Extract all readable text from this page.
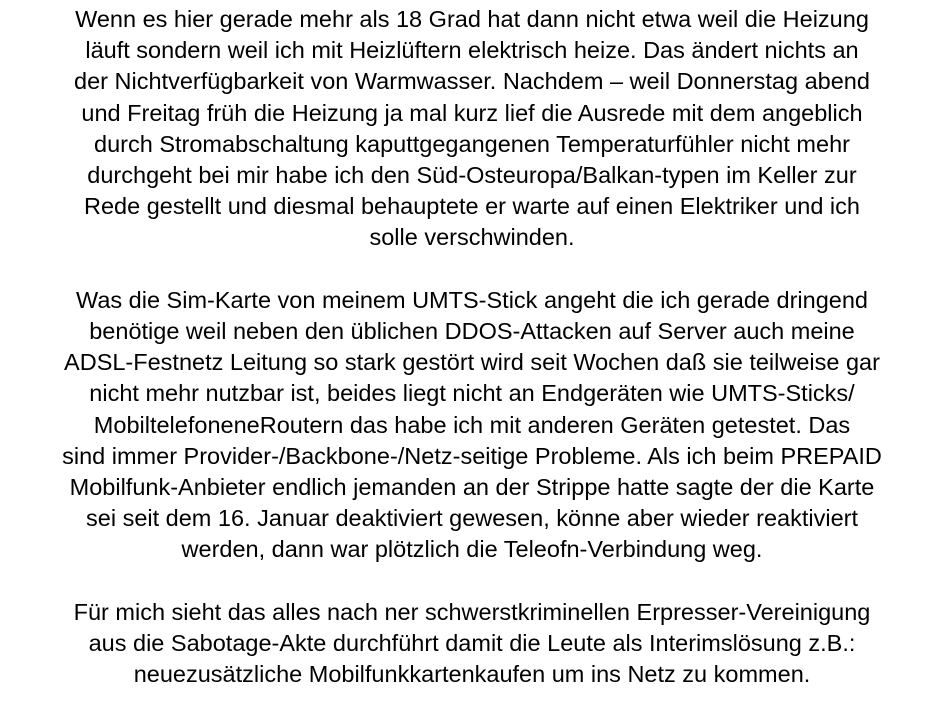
Wenn es hier gerade mehr als 18 Grad hat dann nicht etwa weil die Heizung
läuft sondern weil ich mit Heizlüftern elektrisch heize. Das ändert nichts an
der Nichtverfügbarkeit von Warmwasser. Nachdem – weil Donnerstag abend
und Freitag früh die Heizung ja mal kurz lief die Ausrede mit dem angeblich
durch Stromabschaltung kaputtgegangenen Temperaturfühler nicht mehr
durchgeht bei mir habe ich den Süd-Osteuropa/Balkan-typen im Keller zur
Rede gestellt und diesmal behauptete er warte auf einen Elektriker und ich
solle verschwinden.

Was die Sim-Karte von meinem UMTS-Stick angeht die ich gerade dringend
benötige weil neben den üblichen DDOS-Attacken auf Server auch meine
ADSL-Festnetz Leitung so stark gestört wird seit Wochen daß sie teilweise gar
nicht mehr nutzbar ist, beides liegt nicht an Endgeräten wie UMTS-Sticks/
MobiltelefoneneRoutern das habe ich mit anderen Geräten getestet. Das
sind immer Provider-/Backbone-/Netz-seitige Probleme. Als ich beim PREPAID
Mobilfunk-Anbieter endlich jemanden an der Strippe hatte sagte der die Karte
sei seit dem 16. Januar deaktiviert gewesen, könne aber wieder reaktiviert
werden, dann war plötzlich die Teleofn-Verbindung weg.

Für mich sieht das alles nach ner schwerstkriminellen Erpresser-Vereinigung
aus die Sabotage-Akte durchführt damit die Leute als Interimslösung z.B.:
neuezusätzliche Mobilfunkkartenkaufen um ins Netz zu kommen.
